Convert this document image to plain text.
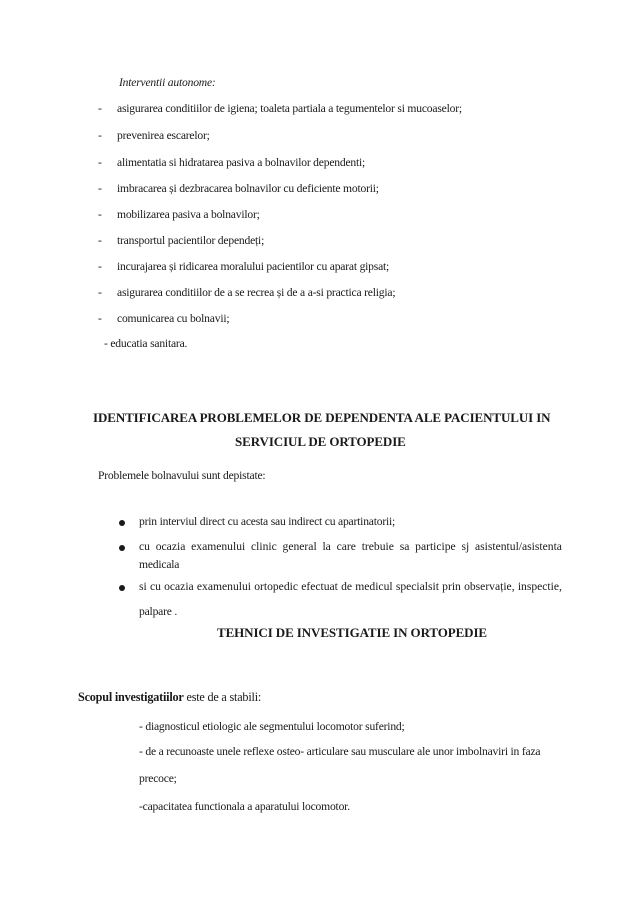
Interventii autonome:
- asigurarea conditiilor de igiena; toaleta partiala a tegumentelor si mucoaselor;
- prevenirea escarelor;
- alimentatia si hidratarea pasiva a bolnavilor dependenti;
- imbracarea și dezbracarea bolnavilor cu deficiente motorii;
- mobilizarea pasiva a bolnavilor;
- transportul pacientilor dependeți;
- incurajarea și ridicarea moralului pacientilor cu aparat gipsat;
- asigurarea conditiilor de a se recrea și de a a-si practica religia;
- comunicarea cu bolnavii;
- educatia sanitara.
IDENTIFICAREA PROBLEMELOR DE DEPENDENTA ALE PACIENTULUI IN
SERVICIUL DE ORTOPEDIE
Problemele bolnavului sunt depistate:
prin interviul direct cu acesta sau indirect cu apartinatorii;
cu ocazia examenului clinic general la care trebuie sa participe sj asistentul/asistenta
medicala
si cu ocazia examenului ortopedic efectuat de medicul specialsit prin observație, inspectie,
palpare .
TEHNICI DE INVESTIGATIE IN ORTOPEDIE
Scopul investigatiilor este de a stabili:
- diagnosticul etiologic ale segmentului locomotor suferind;
- de a recunoaste unele reflexe osteo- articulare sau musculare ale unor imbolnaviri in faza
precoce;
-capacitatea functionala a aparatului locomotor.
